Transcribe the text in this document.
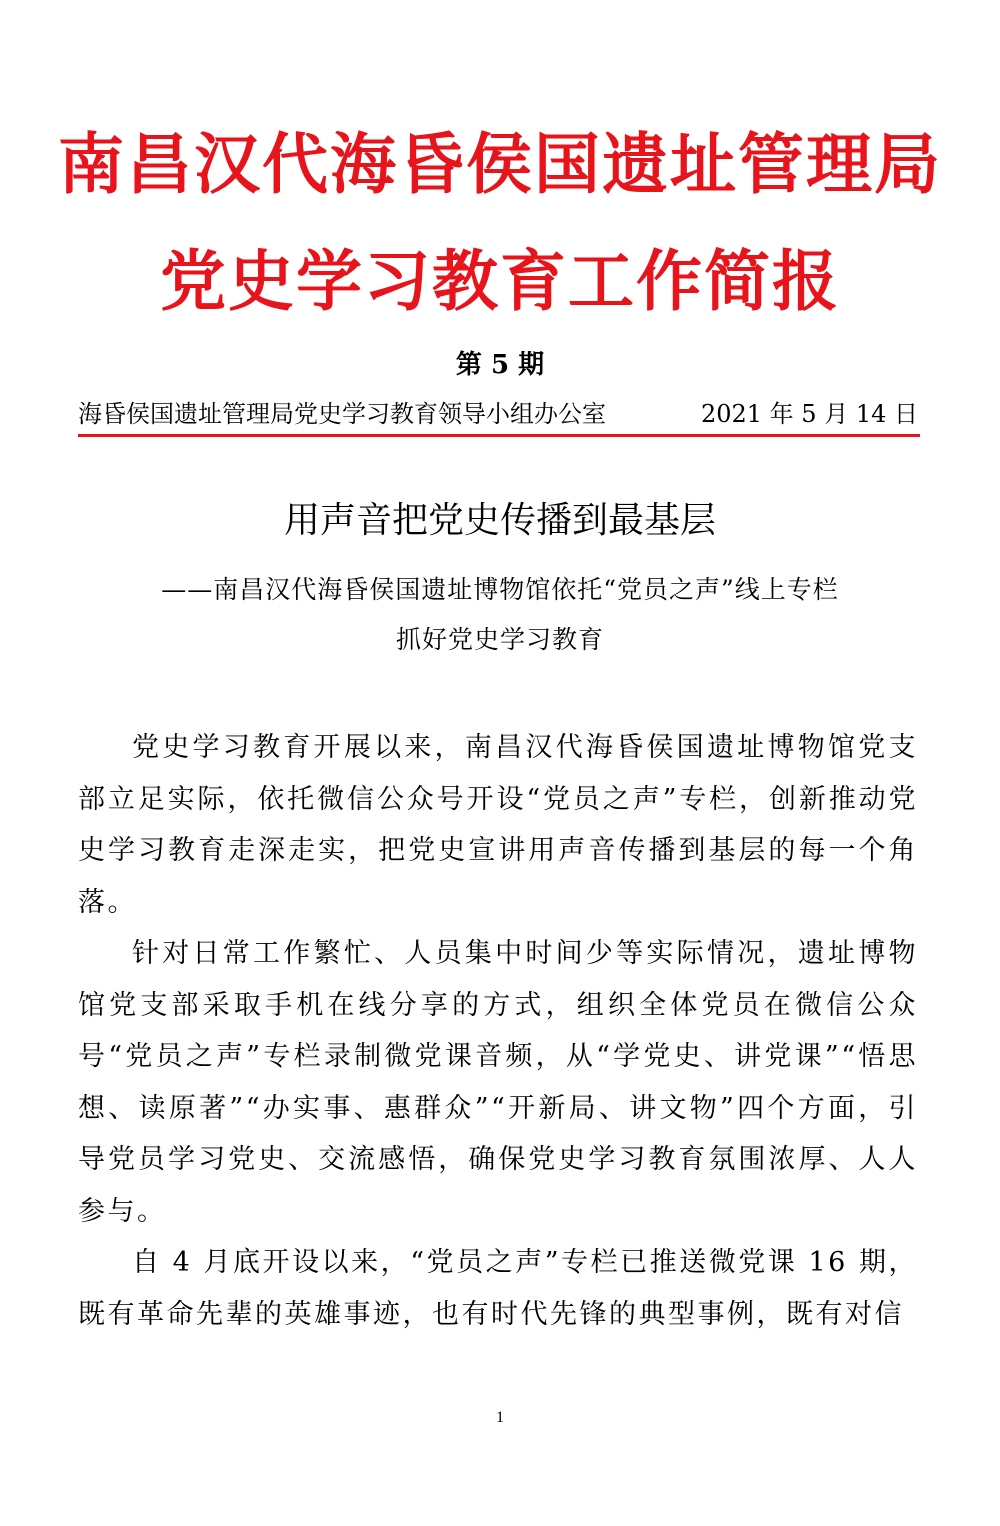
南昌汉代海昏侯国遗址管理局
党史学习教育工作简报
第 5 期
海昏侯国遗址管理局党史学习教育领导小组办公室	2021 年 5 月 14 日
用声音把党史传播到最基层
——南昌汉代海昏侯国遗址博物馆依托“党员之声”线上专栏
抓好党史学习教育

党史学习教育开展以来，南昌汉代海昏侯国遗址博物馆党支部立足实际，依托微信公众号开设“党员之声”专栏，创新推动党史学习教育走深走实，把党史宣讲用声音传播到基层的每一个角落。

针对日常工作繁忙、人员集中时间少等实际情况，遗址博物馆党支部采取手机在线分享的方式，组织全体党员在微信公众号“党员之声”专栏录制微党课音频，从“学党史、讲党课”“悟思想、读原著”“办实事、惠群众”“开新局、讲文物”四个方面，引导党员学习党史、交流感悟，确保党史学习教育氛围浓厚、人人参与。

自 4 月底开设以来，“党员之声”专栏已推送微党课 16 期，既有革命先辈的英雄事迹，也有时代先锋的典型事例，既有对信

1
